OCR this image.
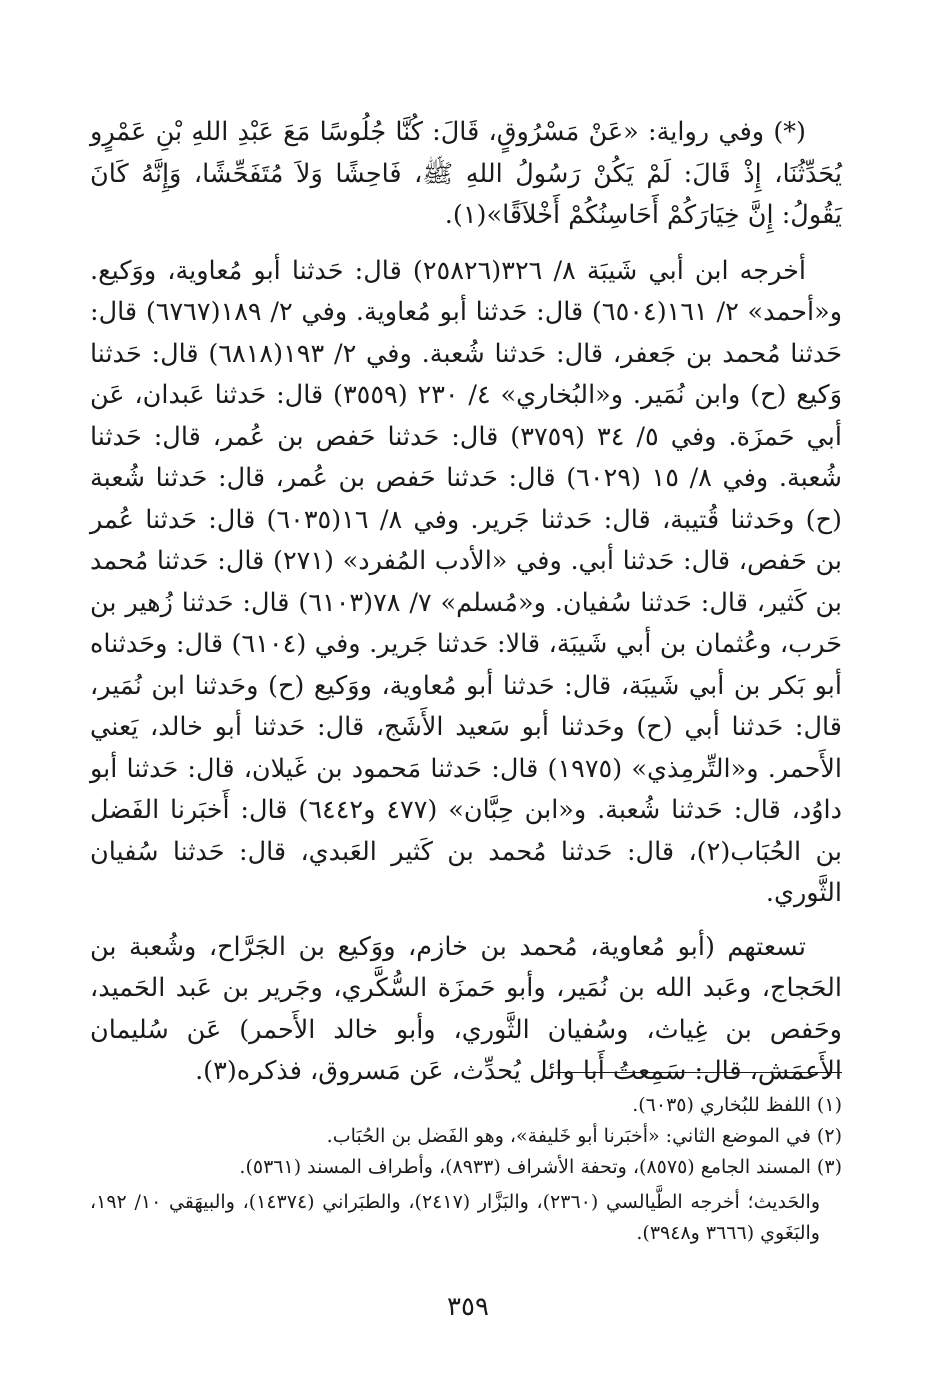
(*) وفي رواية: «عَنْ مَسْرُوقٍ، قَالَ: كُنَّا جُلُوسًا مَعَ عَبْدِ اللهِ بْنِ عَمْرٍو يُحَدِّثُنَا، إِذْ قَالَ: لَمْ يَكُنْ رَسُولُ اللهِ ﷺ، فَاحِشًا وَلاَ مُتَفَحِّشًا، وَإِنَّهُ كَانَ يَقُولُ: إِنَّ خِيَارَكُمْ أَحَاسِنُكُمْ أَخْلاَقًا»(١).

أخرجه ابن أبي شَيبَة ٨/ ٣٢٦(٢٥٨٢٦) قال: حَدثنا أبو مُعاوية، ووَكيع. و«أحمد» ٢/ ١٦١(٦٥٠٤) قال: حَدثنا أبو مُعاوية. وفي ٢/ ١٨٩(٦٧٦٧) قال: حَدثنا مُحمد بن جَعفر، قال: حَدثنا شُعبة. وفي ٢/ ١٩٣(٦٨١٨) قال: حَدثنا وَكيع (ح) وابن نُمَير. و«البُخاري» ٤/ ٢٣٠ (٣٥٥٩) قال: حَدثنا عَبدان، عَن أبي حَمزَة. وفي ٥/ ٣٤ (٣٧٥٩) قال: حَدثنا حَفص بن عُمر، قال: حَدثنا شُعبة. وفي ٨/ ١٥ (٦٠٢٩) قال: حَدثنا حَفص بن عُمر، قال: حَدثنا شُعبة (ح) وحَدثنا قُتيبة، قال: حَدثنا جَرير. وفي ٨/ ١٦(٦٠٣٥) قال: حَدثنا عُمر بن حَفص، قال: حَدثنا أبي. وفي «الأدب المُفرد» (٢٧١) قال: حَدثنا مُحمد بن كَثير، قال: حَدثنا سُفيان. و«مُسلم» ٧/ ٧٨(٦١٠٣) قال: حَدثنا زُهير بن حَرب، وعُثمان بن أبي شَيبَة، قالا: حَدثنا جَرير. وفي (٦١٠٤) قال: وحَدثناه أبو بَكر بن أبي شَيبَة، قال: حَدثنا أبو مُعاوية، ووَكيع (ح) وحَدثنا ابن نُمَير، قال: حَدثنا أبي (ح) وحَدثنا أبو سَعيد الأَشَج، قال: حَدثنا أبو خالد، يَعني الأَحمر. و«التِّرمِذي» (١٩٧٥) قال: حَدثنا مَحمود بن غَيلان، قال: حَدثنا أبو داوُد، قال: حَدثنا شُعبة. و«ابن حِبَّان» (٤٧٧ و٦٤٤٢) قال: أَخبَرنا الفَضل بن الحُبَاب(٢)، قال: حَدثنا مُحمد بن كَثير العَبدي، قال: حَدثنا سُفيان الثَّوري.

تسعتهم (أبو مُعاوية، مُحمد بن خازم، ووَكيع بن الجَرَّاح، وشُعبة بن الحَجاج، وعَبد الله بن نُمَير، وأبو حَمزَة السُّكَّري، وجَرير بن عَبد الحَميد، وحَفص بن غِياث، وسُفيان الثَّوري، وأبو خالد الأَحمر) عَن سُليمان الأَعمَش، قال: سَمِعتُ أَبا وائل يُحدِّث، عَن مَسروق، فذكره(٣).

(١) اللفظ للبُخاري (٦٠٣٥).

(٢) في الموضع الثاني: «أخبَرنا أبو خَليفة»، وهو الفَضل بن الحُبَاب.

(٣) المسند الجامع (٨٥٧٥)، وتحفة الأشراف (٨٩٣٣)، وأطراف المسند (٥٣٦١).

والحَديث؛ أخرجه الطَّيالسي (٢٣٦٠)، والبَزَّار (٢٤١٧)، والطبَراني (١٤٣٧٤)، والبيهَقي ١٠/ ١٩٢، والبَغَوي (٣٦٦٦ و٣٩٤٨).

٣٥٩
